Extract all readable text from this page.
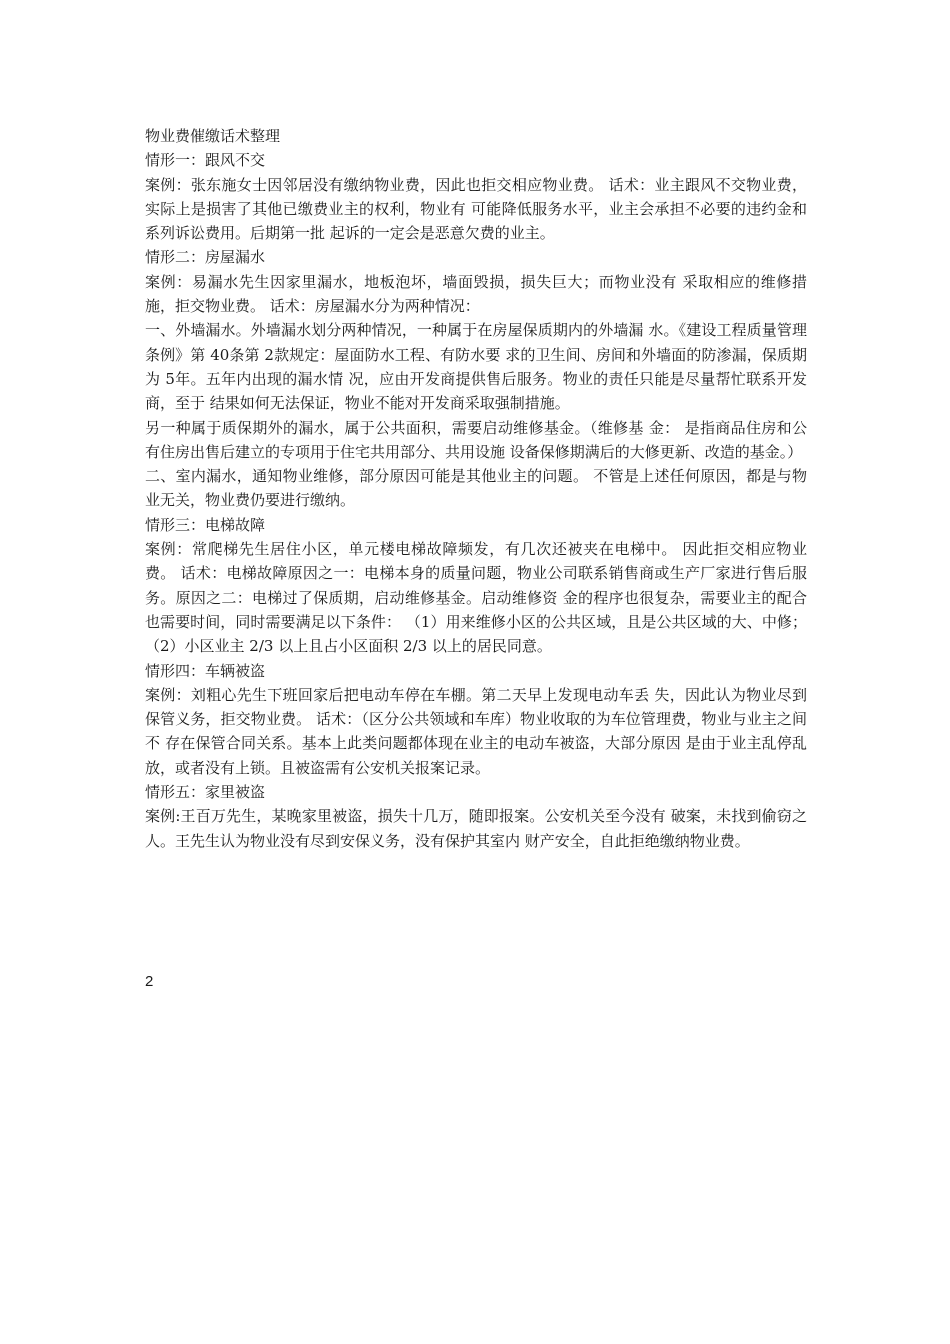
物业费催缴话术整理

情形一：跟风不交

案例：张东施女士因邻居没有缴纳物业费，因此也拒交相应物业费。 话术：业主跟风不交物业费，实际上是损害了其他已缴费业主的权利，物业有 可能降低服务水平，业主会承担不必要的违约金和系列诉讼费用。后期第一批 起诉的一定会是恶意欠费的业主。

情形二：房屋漏水

案例：易漏水先生因家里漏水，地板泡坏，墙面毁损，损失巨大；而物业没有 采取相应的维修措施，拒交物业费。 话术：房屋漏水分为两种情况：

一、外墙漏水。外墙漏水划分两种情况，一种属于在房屋保质期内的外墙漏 水。《建设工程质量管理条例》第 40条第 2款规定：屋面防水工程、有防水要 求的卫生间、房间和外墙面的防渗漏，保质期为 5年。五年内出现的漏水情 况，应由开发商提供售后服务。物业的责任只能是尽量帮忙联系开发商，至于 结果如何无法保证，物业不能对开发商采取强制措施。

另一种属于质保期外的漏水，属于公共面积，需要启动维修基金。（维修基 金： 是指商品住房和公有住房出售后建立的专项用于住宅共用部分、共用设施 设备保修期满后的大修更新、改造的基金。）

二、室内漏水，通知物业维修，部分原因可能是其他业主的问题。 不管是上述任何原因，都是与物业无关，物业费仍要进行缴纳。

情形三：电梯故障

案例：常爬梯先生居住小区，单元楼电梯故障频发，有几次还被夹在电梯中。 因此拒交相应物业费。 话术：电梯故障原因之一：电梯本身的质量问题，物业公司联系销售商或生产厂家进行售后服务。原因之二：电梯过了保质期，启动维修基金。启动维修资 金的程序也很复杂，需要业主的配合也需要时间，同时需要满足以下条件： （1）用来维修小区的公共区域，且是公共区域的大、中修；（2）小区业主 2/3 以上且占小区面积 2/3 以上的居民同意。

情形四：车辆被盗

案例：刘粗心先生下班回家后把电动车停在车棚。第二天早上发现电动车丢 失，因此认为物业尽到保管义务，拒交物业费。 话术：（区分公共领域和车库）物业收取的为车位管理费，物业与业主之间不 存在保管合同关系。基本上此类问题都体现在业主的电动车被盗，大部分原因 是由于业主乱停乱放，或者没有上锁。且被盗需有公安机关报案记录。

情形五：家里被盗

案例:王百万先生，某晚家里被盗，损失十几万，随即报案。公安机关至今没有 破案，未找到偷窃之人。王先生认为物业没有尽到安保义务，没有保护其室内 财产安全，自此拒绝缴纳物业费。

2
